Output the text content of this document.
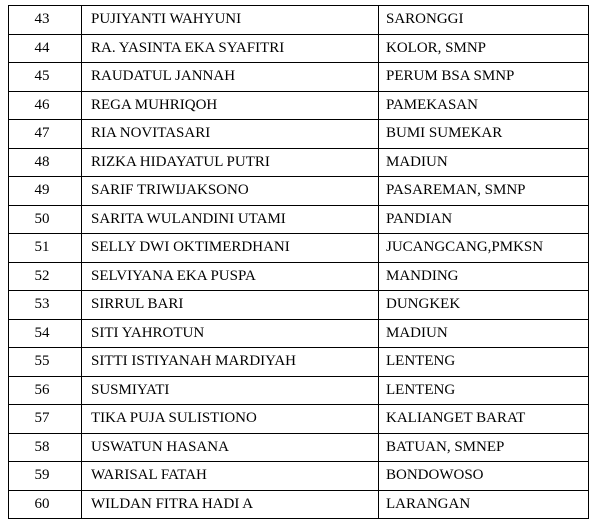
43	PUJIYANTI WAHYUNI	SARONGGI
44	RA. YASINTA EKA SYAFITRI	KOLOR, SMNP
45	RAUDATUL JANNAH	PERUM BSA SMNP
46	REGA MUHRIQOH	PAMEKASAN
47	RIA NOVITASARI	BUMI SUMEKAR
48	RIZKA HIDAYATUL PUTRI	MADIUN
49	SARIF TRIWIJAKSONO	PASAREMAN, SMNP
50	SARITA WULANDINI UTAMI	PANDIAN
51	SELLY DWI OKTIMERDHANI	JUCANGCANG,PMKSN
52	SELVIYANA EKA PUSPA	MANDING
53	SIRRUL BARI	DUNGKEK
54	SITI YAHROTUN	MADIUN
55	SITTI ISTIYANAH MARDIYAH	LENTENG
56	SUSMIYATI	LENTENG
57	TIKA PUJA SULISTIONO	KALIANGET BARAT
58	USWATUN HASANA	BATUAN, SMNEP
59	WARISAL FATAH	BONDOWOSO
60	WILDAN FITRA HADI A	LARANGAN
